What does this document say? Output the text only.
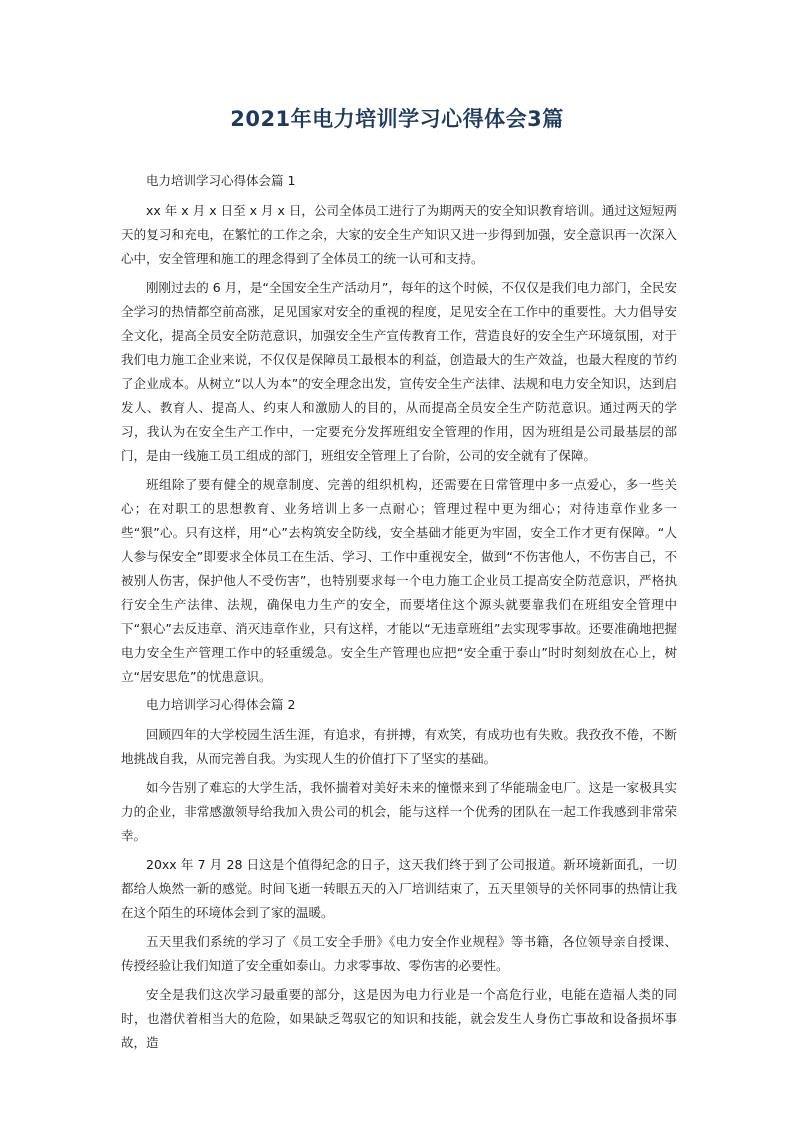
2021年电力培训学习心得体会3篇
电力培训学习心得体会篇 1

xx 年 x 月 x 日至 x 月 x 日，公司全体员工进行了为期两天的安全知识教育培训。通过这短短两天的复习和充电，在繁忙的工作之余，大家的安全生产知识又进一步得到加强，安全意识再一次深入心中，安全管理和施工的理念得到了全体员工的统一认可和支持。

刚刚过去的 6 月，是“全国安全生产活动月”，每年的这个时候，不仅仅是我们电力部门，全民安全学习的热情都空前高涨，足见国家对安全的重视的程度，足见安全在工作中的重要性。大力倡导安全文化，提高全员安全防范意识，加强安全生产宣传教育工作，营造良好的安全生产环境氛围，对于我们电力施工企业来说，不仅仅是保障员工最根本的利益，创造最大的生产效益，也最大程度的节约了企业成本。从树立“以人为本”的安全理念出发，宣传安全生产法律、法规和电力安全知识，达到启发人、教育人、提高人、约束人和激励人的目的，从而提高全员安全生产防范意识。通过两天的学习，我认为在安全生产工作中，一定要充分发挥班组安全管理的作用，因为班组是公司最基层的部门，是由一线施工员工组成的部门，班组安全管理上了台阶，公司的安全就有了保障。

班组除了要有健全的规章制度、完善的组织机构，还需要在日常管理中多一点爱心，多一些关心；在对职工的思想教育、业务培训上多一点耐心；管理过程中更为细心；对待违章作业多一些“狠”心。只有这样，用“心”去构筑安全防线，安全基础才能更为牢固，安全工作才更有保障。“人人参与保安全”即要求全体员工在生活、学习、工作中重视安全，做到“不伤害他人，不伤害自己，不被别人伤害，保护他人不受伤害”，也特别要求每一个电力施工企业员工提高安全防范意识，严格执行安全生产法律、法规，确保电力生产的安全，而要堵住这个源头就要靠我们在班组安全管理中下“狠心”去反违章、消灭违章作业，只有这样，才能以“无违章班组”去实现零事故。还要准确地把握电力安全生产管理工作中的轻重缓急。安全生产管理也应把“安全重于泰山”时时刻刻放在心上，树立“居安思危”的忧患意识。

电力培训学习心得体会篇 2

回顾四年的大学校园生活生涯，有追求，有拼搏，有欢笑，有成功也有失败。我孜孜不倦，不断地挑战自我，从而完善自我。为实现人生的价值打下了坚实的基础。

如今告别了难忘的大学生活，我怀揣着对美好未来的憧憬来到了华能瑞金电厂。这是一家极具实力的企业，非常感激领导给我加入贵公司的机会，能与这样一个优秀的团队在一起工作我感到非常荣幸。

20xx 年 7 月 28 日这是个值得纪念的日子，这天我们终于到了公司报道。新环境新面孔，一切都给人焕然一新的感觉。时间飞逝一转眼五天的入厂培训结束了，五天里领导的关怀同事的热情让我在这个陌生的环境体会到了家的温暖。

五天里我们系统的学习了《员工安全手册》《电力安全作业规程》等书籍，各位领导亲自授课、传授经验让我们知道了安全重如泰山。力求零事故、零伤害的必要性。

安全是我们这次学习最重要的部分，这是因为电力行业是一个高危行业，电能在造福人类的同时，也潜伏着相当大的危险，如果缺乏驾驭它的知识和技能，就会发生人身伤亡事故和设备损坏事故，造
